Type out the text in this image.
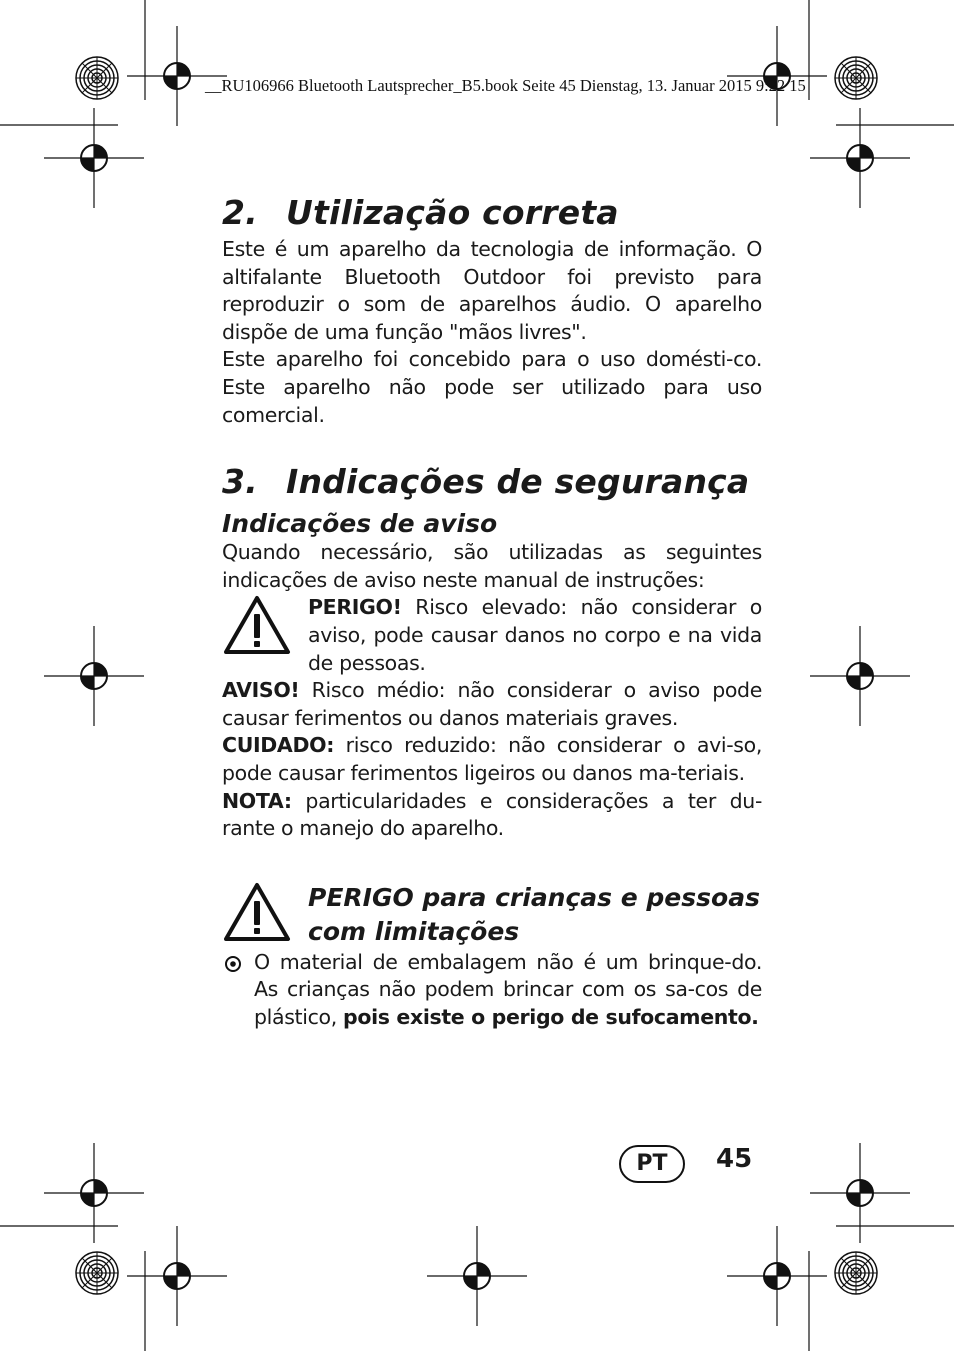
__RU106966 Bluetooth Lautsprecher_B5.book Seite 45 Dienstag, 13. Januar 2015 9:22 15
2. Utilização correta

Este é um aparelho da tecnologia de informação. O altifalante Bluetooth Outdoor foi previsto para reproduzir o som de aparelhos áudio. O aparelho dispõe de uma função "mãos livres".

Este aparelho foi concebido para o uso domésti-co. Este aparelho não pode ser utilizado para uso comercial.

3. Indicações de segurança
Indicações de aviso

Quando necessário, são utilizadas as seguintes indicações de aviso neste manual de instruções:

PERIGO! Risco elevado: não considerar o aviso, pode causar danos no corpo e na vida de pessoas.

AVISO! Risco médio: não considerar o aviso pode causar ferimentos ou danos materiais graves.

CUIDADO: risco reduzido: não considerar o avi-so, pode causar ferimentos ligeiros ou danos ma-teriais.

NOTA: particularidades e considerações a ter du-rante o manejo do aparelho.

PERIGO para crianças e pessoas com limitações

O material de embalagem não é um brinque-do. As crianças não podem brincar com os sa-cos de plástico, pois existe o perigo de sufocamento.

PT	45
